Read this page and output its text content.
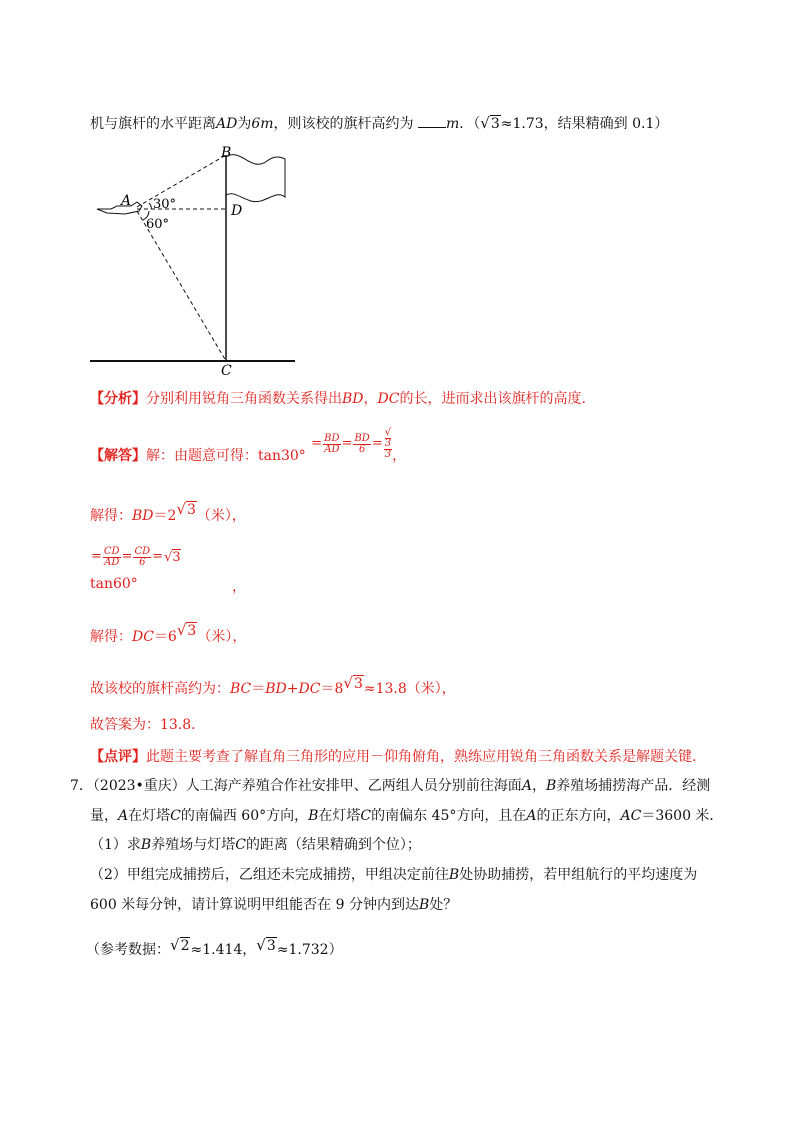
机与旗杆的水平距离AD为6m，则该校的旗杆高约为 m．（√3≈1.73，结果精确到 0.1）
B
A
D
C
30°
60°
【分析】分别利用锐角三角函数关系得出BD，DC的长，进而求出该旗杆的高度.
【解答】解：由题意可得：$\tan 30^\circ = \frac{BD}{AD} = \frac{BD}{6}$ = √
3
3 ，
解得：BD＝2√3（米），
= $\frac{CD}{AD} = \frac{CD}{6} =√3$
tan60°	，
解得：DC＝6√3（米），
故该校的旗杆高约为：BC＝BD+DC＝8√3≈13.8（米），
故答案为：13.8．
【点评】此题主要考查了解直角三角形的应用－仰角俯角，熟练应用锐角三角函数关系是解题关键.
7．（2023•重庆）人工海产养殖合作社安排甲、乙两组人员分别前往海面A，B养殖场捕捞海产品．经测
量，A在灯塔C的南偏西 60°方向，B在灯塔C的南偏东 45°方向，且在A的正东方向，AC＝3600 米．
（1）求B养殖场与灯塔C的距离（结果精确到个位）；
（2）甲组完成捕捞后，乙组还未完成捕捞，甲组决定前往B处协助捕捞，若甲组航行的平均速度为
600 米每分钟，请计算说明甲组能否在 9 分钟内到达B处？
（参考数据：√2≈1.414，√3≈1.732）
